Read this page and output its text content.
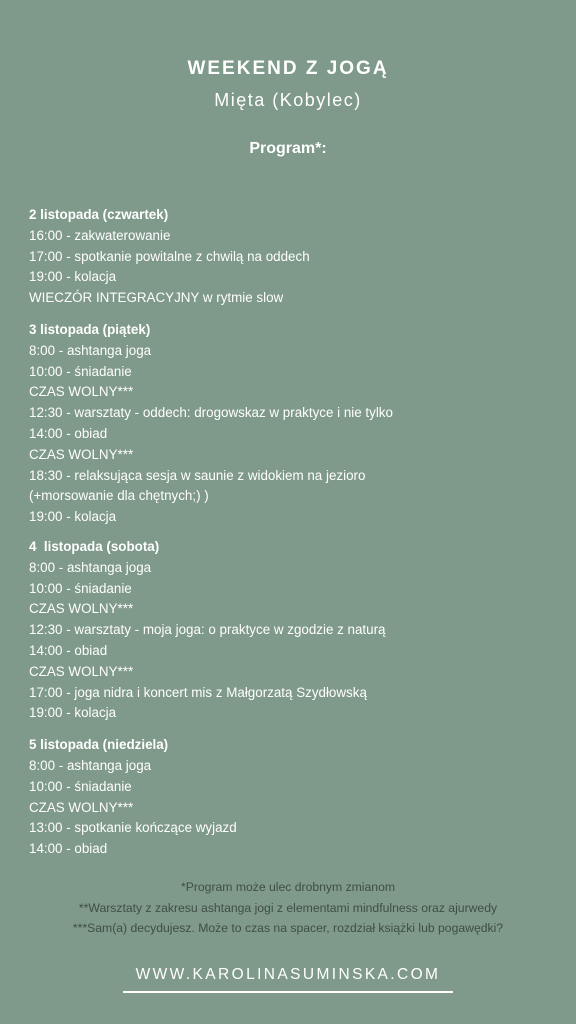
WEEKEND Z JOGĄ
Mięta (Kobylec)
Program*:
2 listopada (czwartek)
16:00 - zakwaterowanie
17:00 - spotkanie powitalne z chwilą na oddech
19:00 - kolacja
WIECZÓR INTEGRACYJNY w rytmie slow
3 listopada (piątek)
8:00 - ashtanga joga
10:00 - śniadanie
CZAS WOLNY***
12:30 - warsztaty - oddech: drogowskaz w praktyce i nie tylko
14:00 - obiad
CZAS WOLNY***
18:30 - relaksująca sesja w saunie z widokiem na jezioro
(+morsowanie dla chętnych;) )
19:00 - kolacja
4  listopada (sobota)
8:00 - ashtanga joga
10:00 - śniadanie
CZAS WOLNY***
12:30 - warsztaty - moja joga: o praktyce w zgodzie z naturą
14:00 - obiad
CZAS WOLNY***
17:00 - joga nidra i koncert mis z Małgorzatą Szydłowską
19:00 - kolacja
5 listopada (niedziela)
8:00 - ashtanga joga
10:00 - śniadanie
CZAS WOLNY***
13:00 - spotkanie kończące wyjazd
14:00 - obiad
*Program może ulec drobnym zmianom
**Warsztaty z zakresu ashtanga jogi z elementami mindfulness oraz ajurwedy
***Sam(a) decydujesz. Może to czas na spacer, rozdział książki lub pogawędki?
WWW.KAROLINASUMINSKA.COM
